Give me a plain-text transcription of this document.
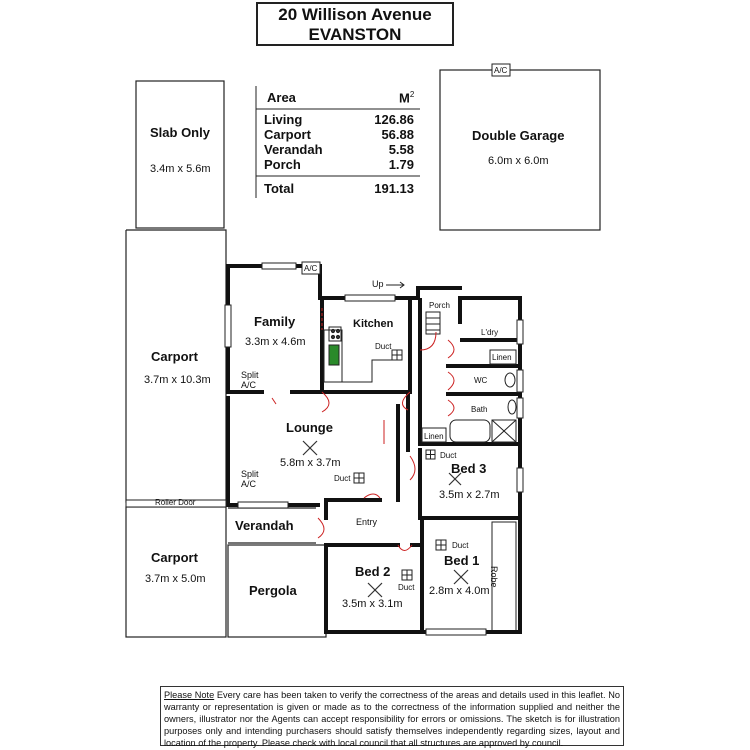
20 Willison Avenue
EVANSTON
Area	$M^2$
Living	126.86
Carport	56.88
Verandah	5.58
Porch	1.79
Total	191.13
Slab Only
3.4m x 5.6m
Double Garage
6.0m x 6.0m
A/C
Carport
3.7m x 10.3m
Roller Door
Carport
3.7m x 5.0m
Family
3.3m x 4.6m
A/C
Split
A/C
Split
A/C
Kitchen
Duct
Up
Porch
L'dry
Linen
WC
Bath
Linen
Lounge
5.8m x 3.7m
Duct
Duct
Bed 3
3.5m x 2.7m
Verandah	Entry
Pergola
Bed 2
Duct
3.5m x 3.1m
Duct
Bed 1
2.8m x 4.0m
Robe
Please Note Every care has been taken to verify the correctness of the areas and details used in this leaflet. No warranty or representation is given or made as to the correctness of the information supplied and neither the owners, illustrator nor the Agents can accept responsibility for errors or omissions. The sketch is for illustration purposes only and intending purchasers should satisfy themselves independently regarding sizes, layout and location of the property. Please check with local council that all structures are approved by council.
